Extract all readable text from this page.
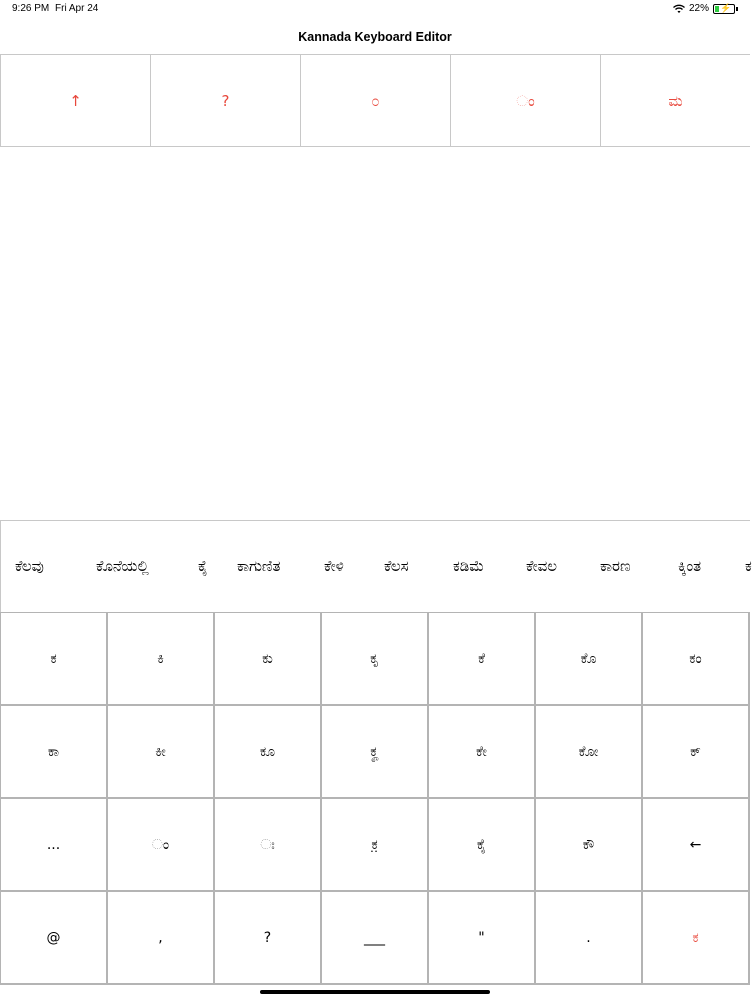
9:26 PM Fri Apr 24	22% ⚡
Kannada Keyboard Editor
↑	?	೦	ಂ	ಮ
ಕೆಲವು	ಕೊನೆಯಲ್ಲಿ	ಕೈ ಕಾಗುಣಿತ	ಕೇಳಿ	ಕೆಲಸ	ಕಡಿಮೆ	ಕೇವಲ	ಕಾರಣ	ಕ್ಕಿಂತ	ಕ
ಕ	ಕಿ	ಕು	ಕೃ	ಕೆ	ಕೊ	ಕಂ
ಕಾ	ಕೀ	ಕೂ	ಕೄ	ಕೇ	ಕೋ	ಕ್
...	◌ಂ	◌ಃ	ಕ಼	ಕೈ	ಕೌ	←
@	,	?	___	"	.	ಕ
